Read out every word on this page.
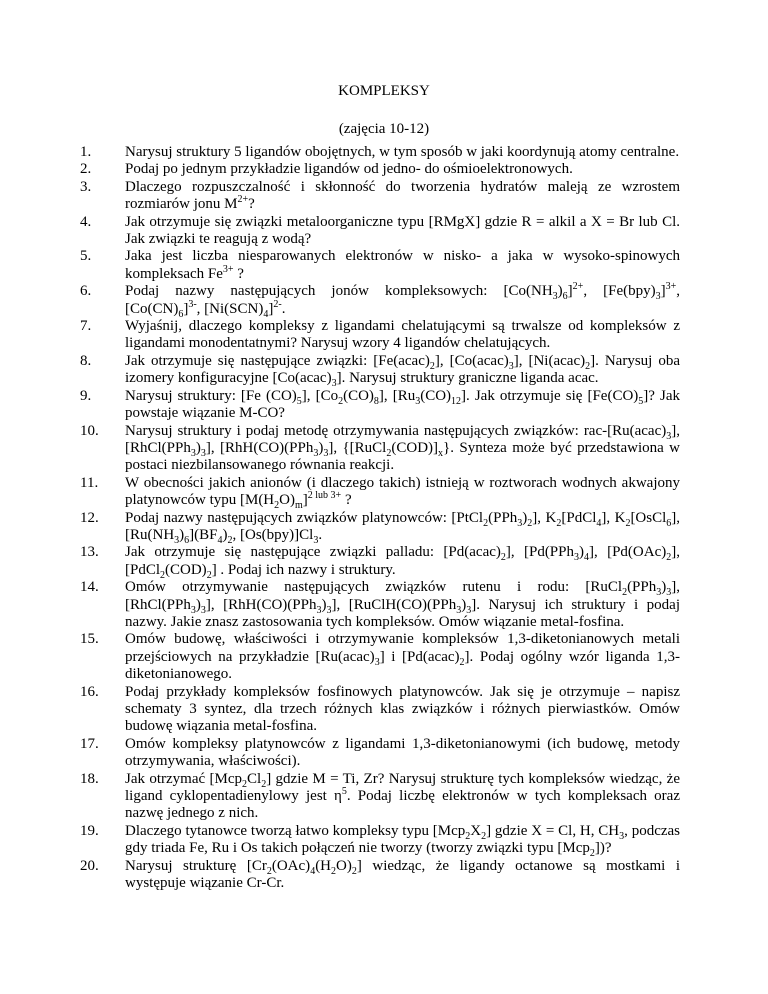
KOMPLEKSY
(zajęcia 10-12)
1.	Narysuj struktury 5 ligandów obojętnych, w tym sposób w jaki koordynują atomy centralne.
2.	Podaj po jednym przykładzie ligandów od jedno- do ośmioelektronowych.
3.	Dlaczego rozpuszczalność i skłonność do tworzenia hydratów maleją ze wzrostem rozmiarów jonu $M^{2+}$?
4.	Jak otrzymuje się związki metaloorganiczne typu [RMgX] gdzie R = alkil a X = Br lub Cl. Jak związki te reagują z wodą?
5.	Jaka jest liczba niesparowanych elektronów w nisko- a jaka w wysoko-spinowych kompleksach $Fe^{3+}$ ?
6.	Podaj nazwy następujących jonów kompleksowych: $[Co(NH_3)_6]^{2+}$, $[Fe(bpy)_3]^{3+}$, $[Co(CN)_6]^{3-}$, $[Ni(SCN)_4]^{2-}$.
7.	Wyjaśnij, dlaczego kompleksy z ligandami chelatującymi są trwalsze od kompleksów z ligandami monodentatnymi? Narysuj wzory 4 ligandów chelatujących.
8.	Jak otrzymuje się następujące związki: $[Fe(acac)_2]$, $[Co(acac)_3]$, $[Ni(acac)_2]$. Narysuj oba izomery konfiguracyjne $[Co(acac)_3]$. Narysuj struktury graniczne liganda acac.
9.	Narysuj struktury: [Fe $(CO)_5$], $[Co_2(CO)_8]$, $[Ru_3(CO)_{12}]$. Jak otrzymuje się $[Fe(CO)_5]$? Jak powstaje wiązanie M-CO?
10.	Narysuj struktury i podaj metodę otrzymywania następujących związków: rac-$[Ru(acac)_3]$, $[RhCl(PPh_3)_3]$, $[RhH(CO)(PPh_3)_3]$, $\{[RuCl_2(COD)]_x\}$. Synteza może być przedstawiona w postaci niezbilansowanego równania reakcji.
11.	W obecności jakich anionów (i dlaczego takich) istnieją w roztworach wodnych akwajony platynowców typu $[M(H_2O)_m]^{2 lub 3+}$ ?
12.	Podaj nazwy następujących związków platynowców: $[PtCl_2(PPh_3)_2]$, $K_2[PdCl_4]$, $K_2[OsCl_6]$, $[Ru(NH_3)_6](BF_4)_2$, $[Os(bpy)]Cl_3$.
13.	Jak otrzymuje się następujące związki palladu: $[Pd(acac)_2]$, $[Pd(PPh_3)_4]$, $[Pd(OAc)_2]$, $[PdCl_2(COD)_2]$ . Podaj ich nazwy i struktury.
14.	Omów otrzymywanie następujących związków rutenu i rodu: $[RuCl_2(PPh_3)_3]$, $[RhCl(PPh_3)_3]$, $[RhH(CO)(PPh_3)_3]$, $[RuClH(CO)(PPh_3)_3]$. Narysuj ich struktury i podaj nazwy. Jakie znasz zastosowania tych kompleksów. Omów wiązanie metal-fosfina.
15.	Omów budowę, właściwości i otrzymywanie kompleksów 1,3-diketonianowych metali przejściowych na przykładzie $[Ru(acac)_3]$ i $[Pd(acac)_2]$. Podaj ogólny wzór liganda 1,3-diketonianowego.
16.	Podaj przykłady kompleksów fosfinowych platynowców. Jak się je otrzymuje – napisz schematy 3 syntez, dla trzech różnych klas związków i różnych pierwiastków. Omów budowę wiązania metal-fosfina.
17.	Omów kompleksy platynowców z ligandami 1,3-diketonianowymi (ich budowę, metody otrzymywania, właściwości).
18.	Jak otrzymać $[Mcp_2Cl_2]$ gdzie M = Ti, Zr? Narysuj strukturę tych kompleksów wiedząc, że ligand cyklopentadienylowy jest $\eta^5$. Podaj liczbę elektronów w tych kompleksach oraz nazwę jednego z nich.
19.	Dlaczego tytanowce tworzą łatwo kompleksy typu $[Mcp_2X_2]$ gdzie X = Cl, H, $CH_3$, podczas gdy triada Fe, Ru i Os takich połączeń nie tworzy (tworzy związki typu [Mcp$_2$])?
20.	Narysuj strukturę $[Cr_2(OAc)_4(H_2O)_2]$ wiedząc, że ligandy octanowe są mostkami i występuje wiązanie Cr-Cr.
